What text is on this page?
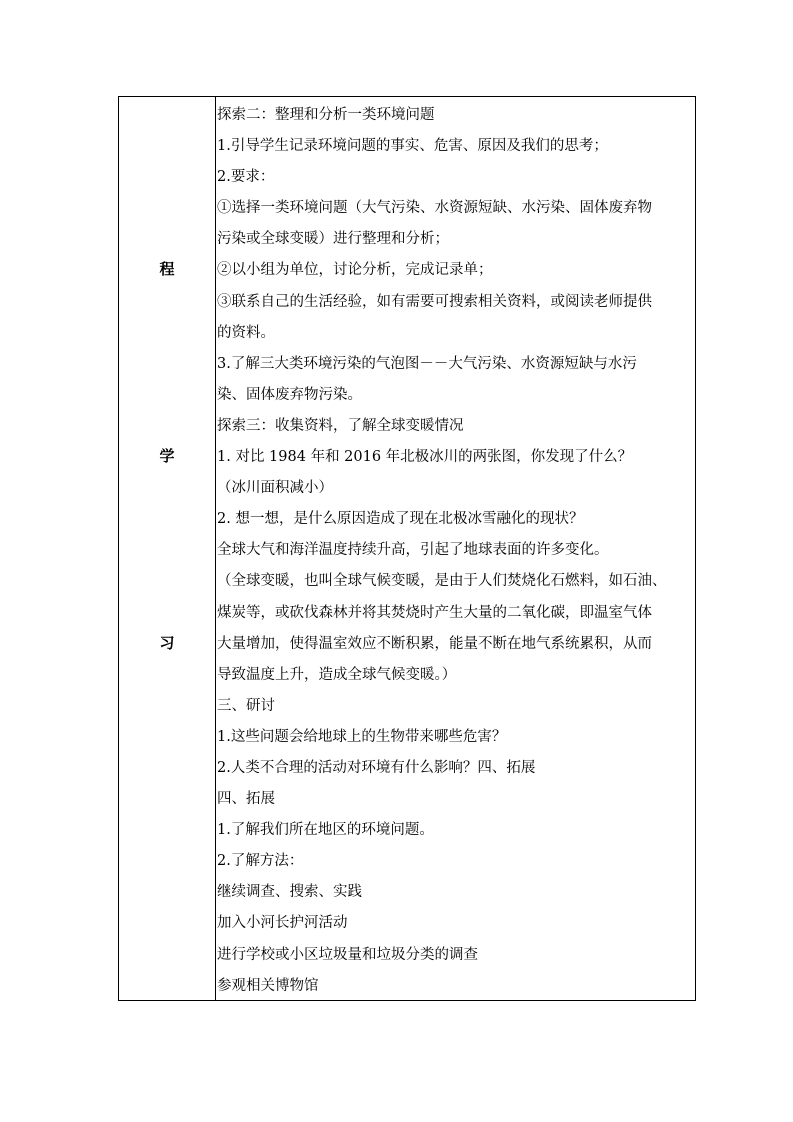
程
学
习
探索二：整理和分析一类环境问题
1.引导学生记录环境问题的事实、危害、原因及我们的思考；
2.要求：
①选择一类环境问题（大气污染、水资源短缺、水污染、固体废弃物
污染或全球变暖）进行整理和分析；
②以小组为单位，讨论分析，完成记录单；
③联系自己的生活经验，如有需要可搜索相关资料，或阅读老师提供
的资料。
3.了解三大类环境污染的气泡图－－大气污染、水资源短缺与水污
染、固体废弃物污染。
探索三：收集资料，了解全球变暖情况
1. 对比 1984 年和 2016 年北极冰川的两张图，你发现了什么？
（冰川面积减小）
2. 想一想，是什么原因造成了现在北极冰雪融化的现状？
全球大气和海洋温度持续升高，引起了地球表面的许多变化。
（全球变暖，也叫全球气候变暖，是由于人们焚烧化石燃料，如石油、
煤炭等，或砍伐森林并将其焚烧时产生大量的二氧化碳，即温室气体
大量增加，使得温室效应不断积累，能量不断在地气系统累积，从而
导致温度上升，造成全球气候变暖。）
三、研讨
1.这些问题会给地球上的生物带来哪些危害？
2.人类不合理的活动对环境有什么影响？四、拓展
四、拓展
1.了解我们所在地区的环境问题。
2.了解方法：
继续调查、搜索、实践
加入小河长护河活动
进行学校或小区垃圾量和垃圾分类的调查
参观相关博物馆
